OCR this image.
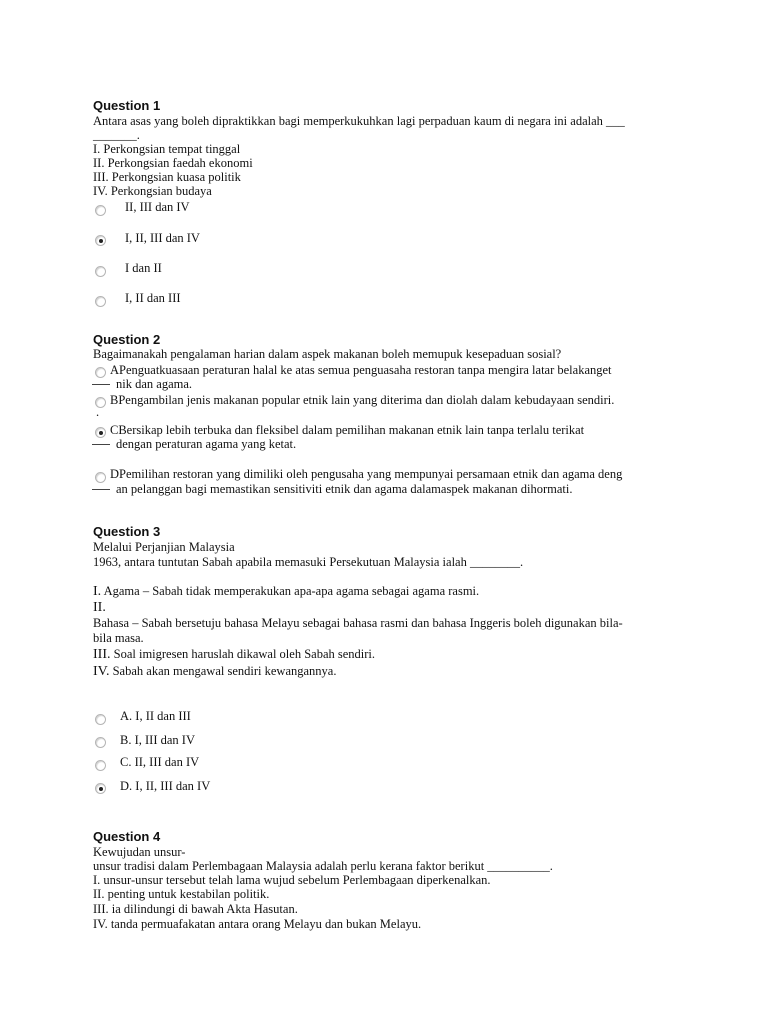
Question 1
Antara asas yang boleh dipraktikkan bagi memperkukuhkan lagi perpaduan kaum di negara ini adalah ___
_______.
I. Perkongsian tempat tinggal
II. Perkongsian faedah ekonomi
III. Perkongsian kuasa politik
IV. Perkongsian budaya
II, III dan IV
I, II, III dan IV
I dan II
I, II dan III
Question 2
Bagaimanakah pengalaman harian dalam aspek makanan boleh memupuk kesepaduan sosial?
APenguatkuasaan peraturan halal ke atas semua penguasaha restoran tanpa mengira latar belakanget
nik dan agama.
BPengambilan jenis makanan popular etnik lain yang diterima dan diolah dalam kebudayaan sendiri.
.
CBersikap lebih terbuka dan fleksibel dalam pemilihan makanan etnik lain tanpa terlalu terikat
dengan peraturan agama yang ketat.
DPemilihan restoran yang dimiliki oleh pengusaha yang mempunyai persamaan etnik dan agama deng
an pelanggan bagi memastikan sensitiviti etnik dan agama dalamaspek makanan dihormati.
Question 3
Melalui Perjanjian Malaysia
1963, antara tuntutan Sabah apabila memasuki Persekutuan Malaysia ialah ________.
I. Agama – Sabah tidak memperakukan apa-apa agama sebagai agama rasmi.
II.
Bahasa – Sabah bersetuju bahasa Melayu sebagai bahasa rasmi dan bahasa Inggeris boleh digunakan bila-
bila masa.
III. Soal imigresen haruslah dikawal oleh Sabah sendiri.
IV. Sabah akan mengawal sendiri kewangannya.
A. I, II dan III
B. I, III dan IV
C. II, III dan IV
D. I, II, III dan IV
Question 4
Kewujudan unsur-
unsur tradisi dalam Perlembagaan Malaysia adalah perlu kerana faktor berikut __________.
I. unsur-unsur tersebut telah lama wujud sebelum Perlembagaan diperkenalkan.
II. penting untuk kestabilan politik.
III. ia dilindungi di bawah Akta Hasutan.
IV. tanda permuafakatan antara orang Melayu dan bukan Melayu.
